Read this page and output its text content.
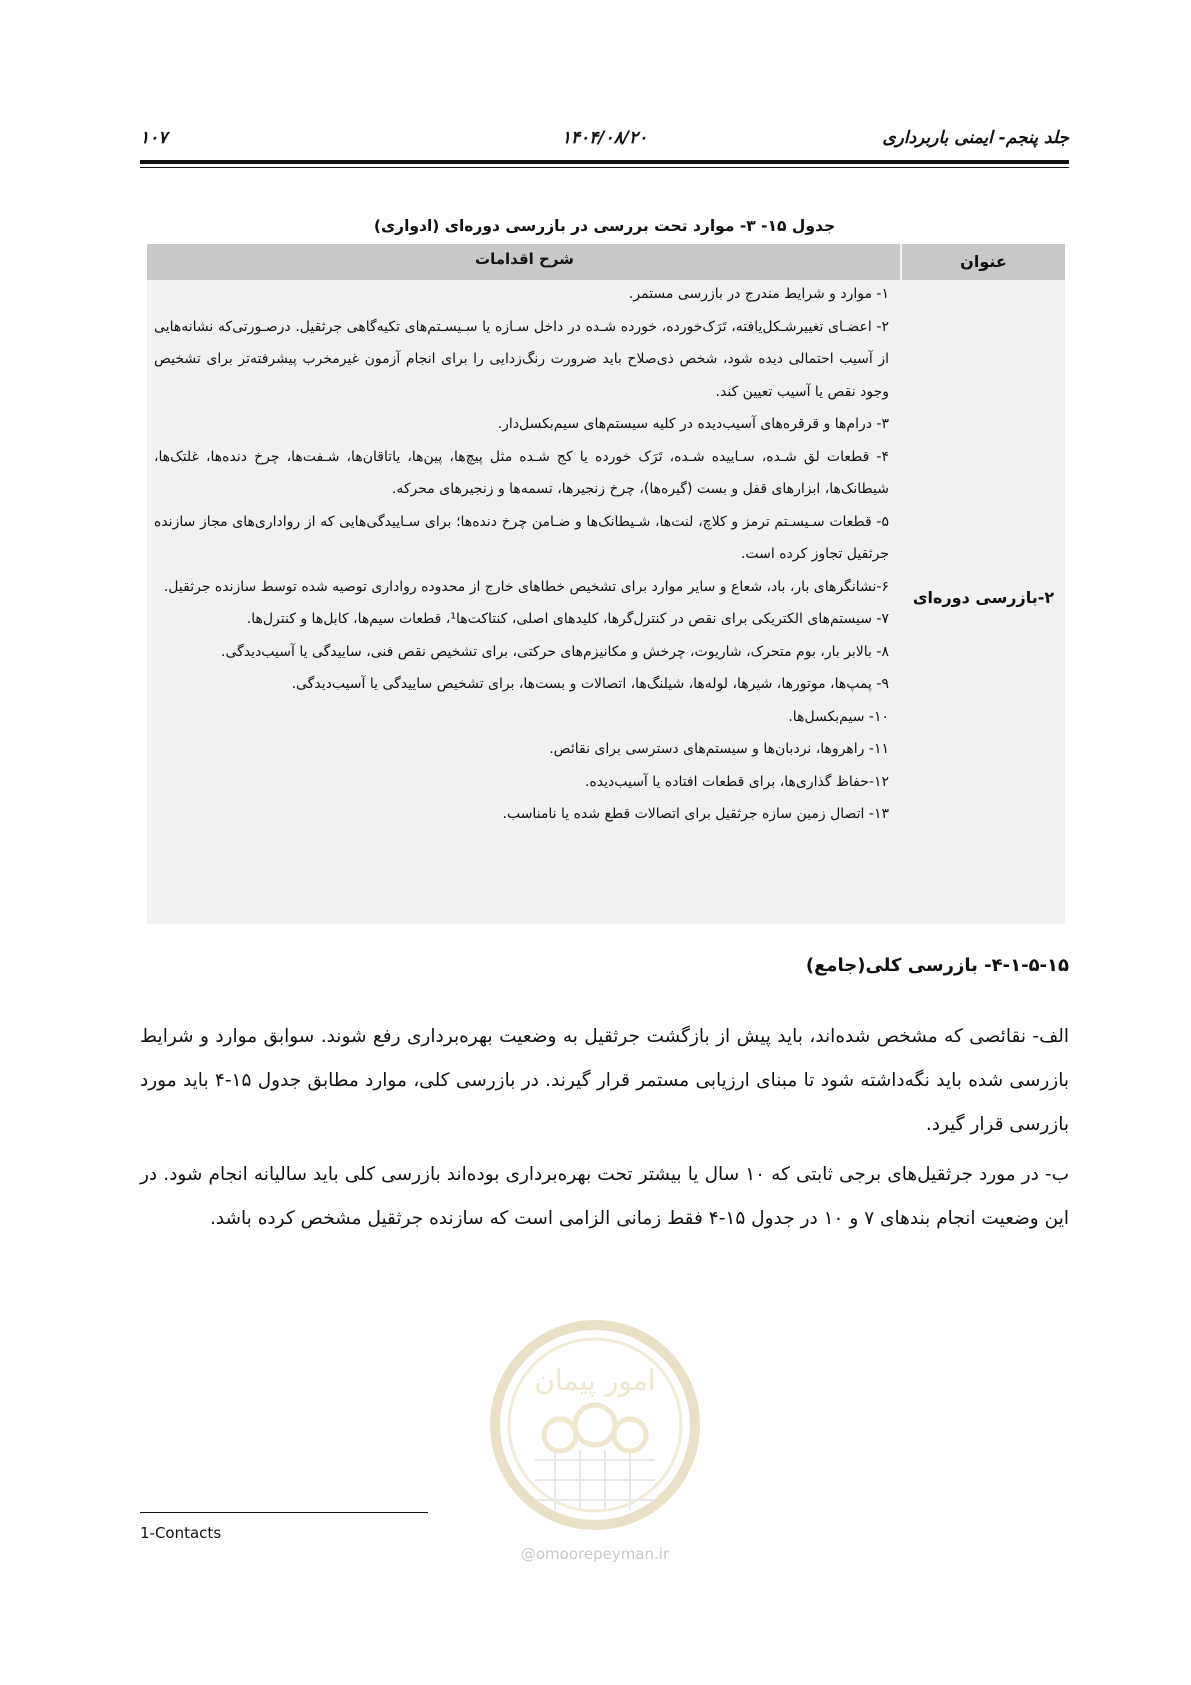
جلد پنجم- ایمنی باربرداری
۱۴۰۴/۰۸/۲۰
۱۰۷
جدول ۱۵- ۳- موارد تحت بررسی در بازرسی دوره‌ای (ادواری)
عنوان
شرح اقدامات
۲-بازرسی دوره‌ای
۱- موارد و شرایط مندرج در بازرسی مستمر.
۲- اعضـای تغییرشـکل‌یافته، تَرَک‌خورده، خورده شـده در داخل سـازه یا سـیسـتم‌های تکیه‌گاهی جرثقیل. درصـورتی‌که نشانه‌هایی از آسیب احتمالی دیده شود، شخص ذی‌صلاح باید ضرورت رنگ‌زدایی را برای انجام آزمون غیرمخرب پیشرفته‌تر برای تشخیص وجود نقص یا آسیب تعیین کند.
۳- درام‌ها و قرقره‌های آسیب‌دیده در کلیه سیستم‌های سیم‌بکسل‌دار.
۴- قطعات لق شـده، سـاییده شـده، تَرَک خورده یا کج شـده مثل پیچ‌ها، پین‌ها، یاتاقان‌ها، شـفت‌ها، چرخ دنده‌ها، غلتک‌ها، شیطانک‌ها، ابزارهای قفل و بست (گیره‌ها)، چرخ زنجیرها، تسمه‌ها و زنجیرهای محرکه.
۵- قطعات سـیسـتم ترمز و کلاچ، لنت‌ها، شـیطانک‌ها و ضـامن چرخ دنده‌ها؛ برای سـاییدگی‌هایی که از رواداری‌های مجاز سازنده جرثقیل تجاوز کرده است.
۶-نشانگرهای بار، باد، شعاع و سایر موارد برای تشخیص خطاهای خارج از محدوده رواداری توصیه شده توسط سازنده جرثقیل.
۷- سیستم‌های الکتریکی برای نقص در کنترل‌گرها، کلیدهای اصلی، کنتاکت‌ها¹، قطعات سیم‌ها، کابل‌ها و کنترل‌ها.
۸- بالابر بار، بوم متحرک، شاریوت، چرخش و مکانیزم‌های حرکتی، برای تشخیص نقص فنی، ساییدگی یا آسیب‌دیدگی.
۹- پمپ‌ها، موتورها، شیرها، لوله‌ها، شیلنگ‌ها، اتصالات و بست‌ها، برای تشخیص ساییدگی یا آسیب‌دیدگی.
۱۰- سیم‌بکسل‌ها.
۱۱- راهروها، نردبان‌ها و سیستم‌های دسترسی برای نقائص.
۱۲-حفاظ گذاری‌ها، برای قطعات افتاده یا آسیب‌دیده.
۱۳- اتصال زمین سازه جرثقیل برای اتصالات قطع شده یا نامناسب.
۴-۱-۵-۱۵- بازرسی کلی(جامع)
الف- نقائصی که مشخص شده‌اند، باید پیش از بازگشت جرثقیل به وضعیت بهره‌برداری رفع شوند. سوابق موارد و شرایط بازرسی شده باید نگه‌داشته شود تا مبنای ارزیابی مستمر قرار گیرند. در بازرسی کلی، موارد مطابق جدول ۱۵-۴ باید مورد بازرسی قرار گیرد.
ب- در مورد جرثقیل‌های برجی ثابتی که ۱۰ سال یا بیشتر تحت بهره‌برداری بوده‌اند بازرسی کلی باید سالیانه انجام شود. در این وضعیت انجام بندهای ۷ و ۱۰ در جدول ۱۵-۴ فقط زمانی الزامی است که سازنده جرثقیل مشخص کرده باشد.
امور پیمان
@omoorepeyman.ir
1-Contacts
